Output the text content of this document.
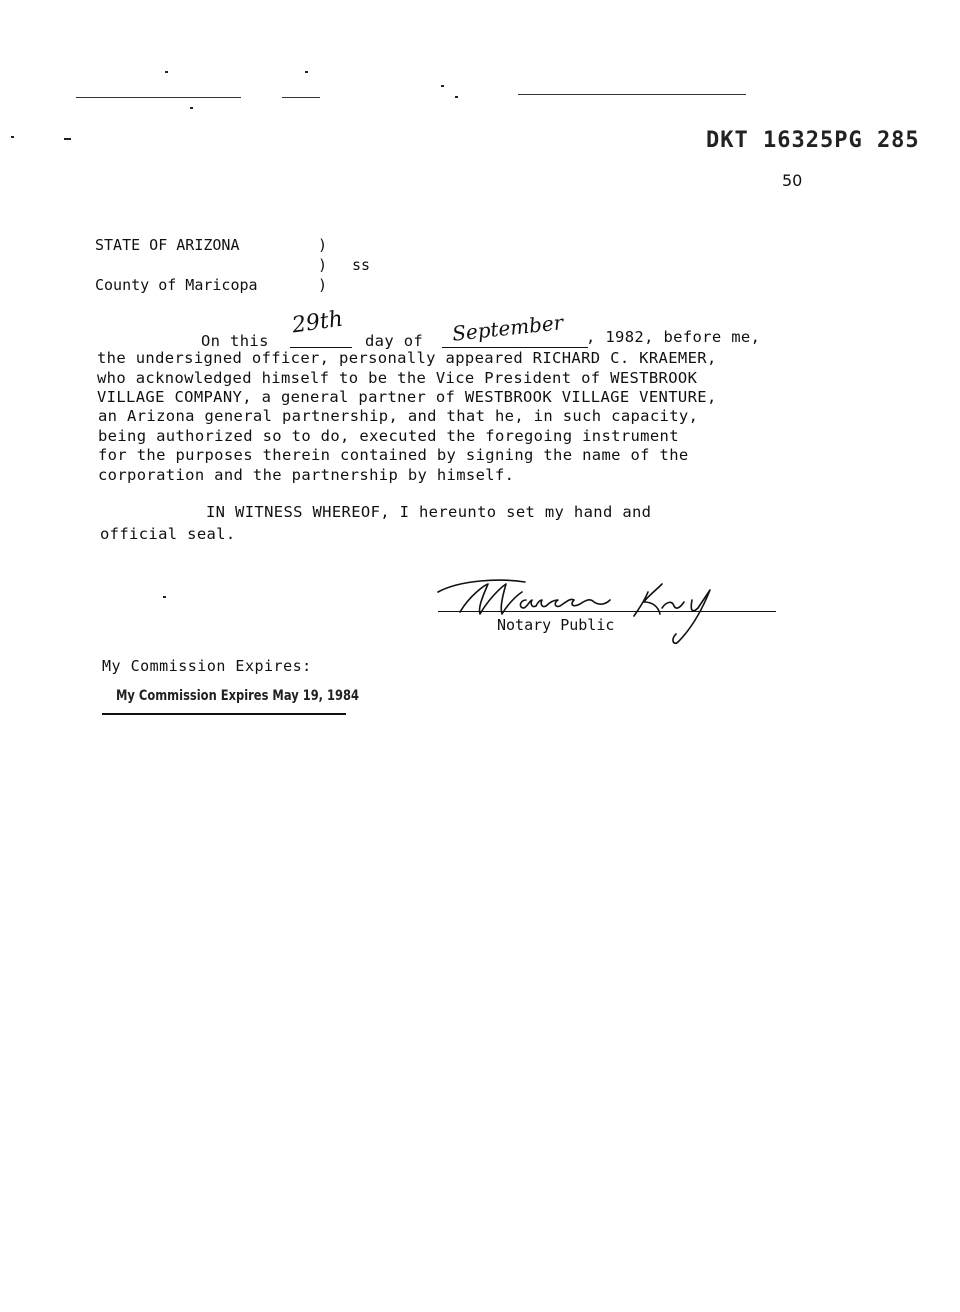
DKT 16325PG 285
50
STATE OF ARIZONA	)
) ss
County of Maricopa	)
On this
29th
day of September , 1982, before me,
the undersigned officer, personally appeared RICHARD C. KRAEMER,
who acknowledged himself to be the Vice President of WESTBROOK
VILLAGE COMPANY, a general partner of WESTBROOK VILLAGE VENTURE,
an Arizona general partnership, and that he, in such capacity,
being authorized so to do, executed the foregoing instrument
for the purposes therein contained by signing the name of the
corporation and the partnership by himself.
IN WITNESS WHEREOF, I hereunto set my hand and
official seal.
Notary Public
My Commission Expires:
My Commission Expires May 19, 1984
